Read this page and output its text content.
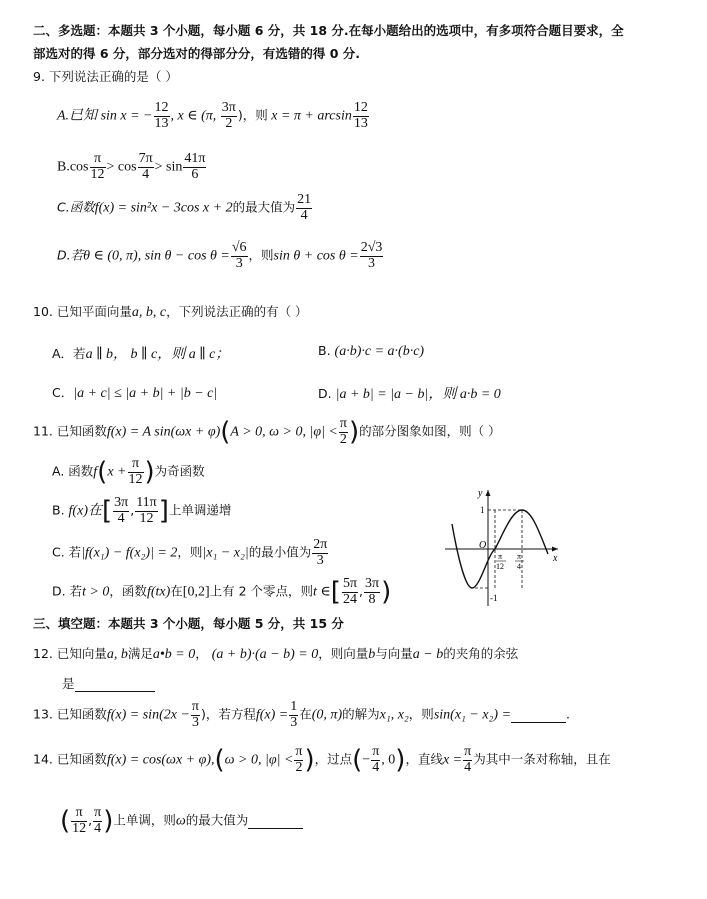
二、多选题：本题共 3 个小题，每小题 6 分，共 18 分.在每小题给出的选项中，有多项符合题目要求，全
部选对的得 6 分，部分选对的得部分分，有选错的得 0 分.
9. 下列说法正确的是（ ）
A.已知 sin x = − $\frac{12}{13}$ , x ∈ (π, $\frac{3\pi}{2}$ )，则 $x = \pi + \arcsin \frac{12}{13}$
$B.\cos \frac{\pi}{12} > \cos \frac{7\pi}{4} > \sin \frac{41\pi}{6}$
C.函数f(x) = sin²x − 3cos x + 2的最大值为 $\frac{21}{4}$
D.若θ ∈ (0, π), $\sin \theta - \cos \theta = \frac{√6}{3}$ ，则$\sin \theta + \cos \theta = \frac{2√3}{3}$
10. 已知平面向量a, b, c，下列说法正确的有（ ）
A．若a ∥ b， b ∥ c，则 a ∥ c；	B. (a·b)·c = a·(b·c)
C．|a + c| ≤ |a + b| + |b − c|	D. |a + b| = |a − b|，则 a·b = 0
11. 已知函数f(x) = A sin(ωx + φ)(A > 0, ω > 0, $|\varphi| < \frac{\pi}{2}$ )的部分图象如图，则（ ）
A. 函数$f(x + \frac{\pi}{12}$ )为奇函数
B. f(x)在[ $\frac{3\pi}{4}$ , $\frac{11\pi}{12}$ ]上单调递增
C. 若|f(x₁) − f(x₂)| = 2，则|x₁ − x₂|的最小值为 $\frac{2\pi}{3}$
D. 若t > 0，函数f(tx)在[0,2]上有 2 个零点，则t ∈[ $\frac{5\pi}{24}$ , $\frac{3\pi}{8}$ )
y
x
O
1
-1
π
12
π
4
三、填空题：本题共 3 个小题，每小题 5 分，共 15 分
12. 已知向量a, b满足a•b = 0， (a + b)·(a − b) = 0，则向量b与向量a − b的夹角的余弦
是
13. 已知函数$f(x) = \sin(2x - \frac{\pi}{3}$ )，若方程$f(x) = \frac{1}{3}$ 在(0, π)的解为x₁, x₂，则sin(x₁ − x₂) =	.
14. 已知函数f(x) = cos(ωx + φ),(ω > 0, $|\varphi| < \frac{\pi}{2}$ )，过点(− $\frac{\pi}{4}$ , 0)，直线$x = \frac{\pi}{4}$ 为其中一条对称轴，且在
( $\frac{\pi}{12}$ , $\frac{\pi}{4}$ )上单调，则ω的最大值为
